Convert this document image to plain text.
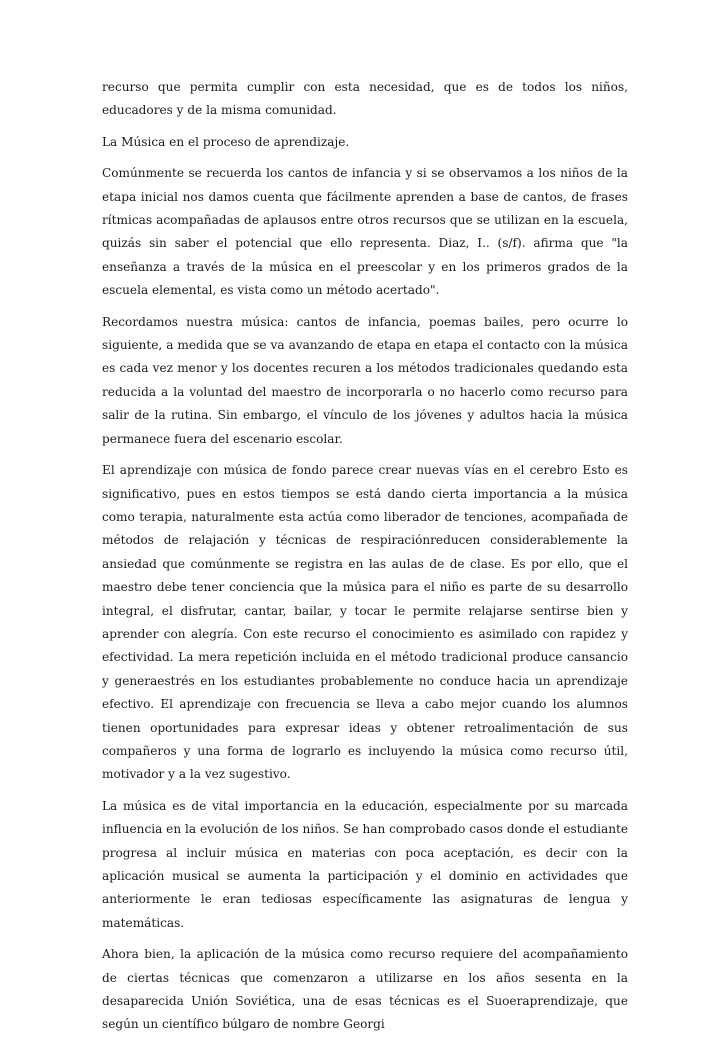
recurso que permita cumplir con esta necesidad, que es de todos los niños, educadores y de la misma comunidad.

La Música en el proceso de aprendizaje.

Comúnmente se recuerda los cantos de infancia y si se observamos a los niños de la etapa inicial nos damos cuenta que fácilmente aprenden a base de cantos, de frases rítmicas acompañadas de aplausos entre otros recursos que se utilizan en la escuela, quizás sin saber el potencial que ello representa. Diaz, I.. (s/f). afirma que "la enseñanza a través de la música en el preescolar y en los primeros grados de la escuela elemental, es vista como un método acertado".

Recordamos nuestra música: cantos de infancia, poemas bailes, pero ocurre lo siguiente, a medida que se va avanzando de etapa en etapa el contacto con la música es cada vez menor y los docentes recuren a los métodos tradicionales quedando esta reducida a la voluntad del maestro de incorporarla o no hacerlo como recurso para salir de la rutina. Sin embargo, el vínculo de los jóvenes y adultos hacia la música permanece fuera del escenario escolar.

El aprendizaje con música de fondo parece crear nuevas vías en el cerebro Esto es significativo, pues en estos tiempos se está dando cierta importancia a la música como terapia, naturalmente esta actúa como liberador de tenciones, acompañada de métodos de relajación y técnicas de respiraciónreducen considerablemente la ansiedad que comúnmente se registra en las aulas de de clase. Es por ello, que el maestro debe tener conciencia que la música para el niño es parte de su desarrollo integral, el disfrutar, cantar, bailar, y tocar le permite relajarse sentirse bien y aprender con alegría. Con este recurso el conocimiento es asimilado con rapidez y efectividad. La mera repetición incluida en el método tradicional produce cansancio y generaestrés en los estudiantes probablemente no conduce hacia un aprendizaje efectivo. El aprendizaje con frecuencia se lleva a cabo mejor cuando los alumnos tienen oportunidades para expresar ideas y obtener retroalimentación de sus compañeros y una forma de lograrlo es incluyendo la música como recurso útil, motivador y a la vez sugestivo.

La música es de vital importancia en la educación, especialmente por su marcada influencia en la evolución de los niños. Se han comprobado casos donde el estudiante progresa al incluir música en materias con poca aceptación, es decir con la aplicación musical se aumenta la participación y el dominio en actividades que anteriormente le eran tediosas específicamente las asignaturas de lengua y matemáticas.

Ahora bien, la aplicación de la música como recurso requiere del acompañamiento de ciertas técnicas que comenzaron a utilizarse en los años sesenta en la desaparecida Unión Soviética, una de esas técnicas es el Suoeraprendizaje, que según un científico búlgaro de nombre Georgi
